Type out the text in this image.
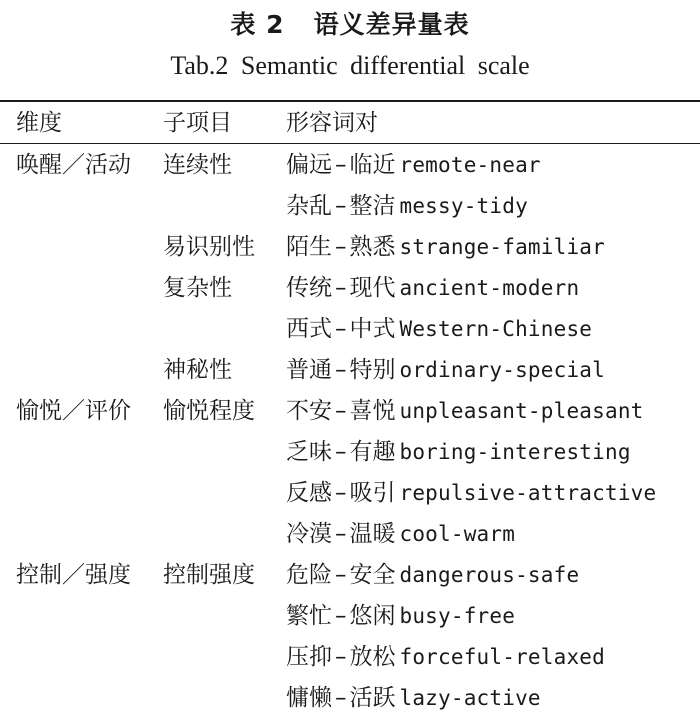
表 2   语义差异量表
Tab.2 Semantic differential scale
维度	子项目 形容词对
唤醒／活动 连续性 偏远 – 临近 remote-near
杂乱 – 整洁 messy-tidy
易识别性 陌生 – 熟悉 strange-familiar
复杂性 传统 – 现代 ancient-modern
西式 – 中式 Western-Chinese
神秘性 普通 – 特别 ordinary-special
愉悦／评价 愉悦程度 不安 – 喜悦 unpleasant-pleasant
乏味 – 有趣 boring-interesting
反感 – 吸引 repulsive-attractive
冷漠 – 温暖 cool-warm
控制／强度 控制强度 危险 – 安全 dangerous-safe
繁忙 – 悠闲 busy-free
压抑 – 放松 forceful-relaxed
慵懒 – 活跃 lazy-active
